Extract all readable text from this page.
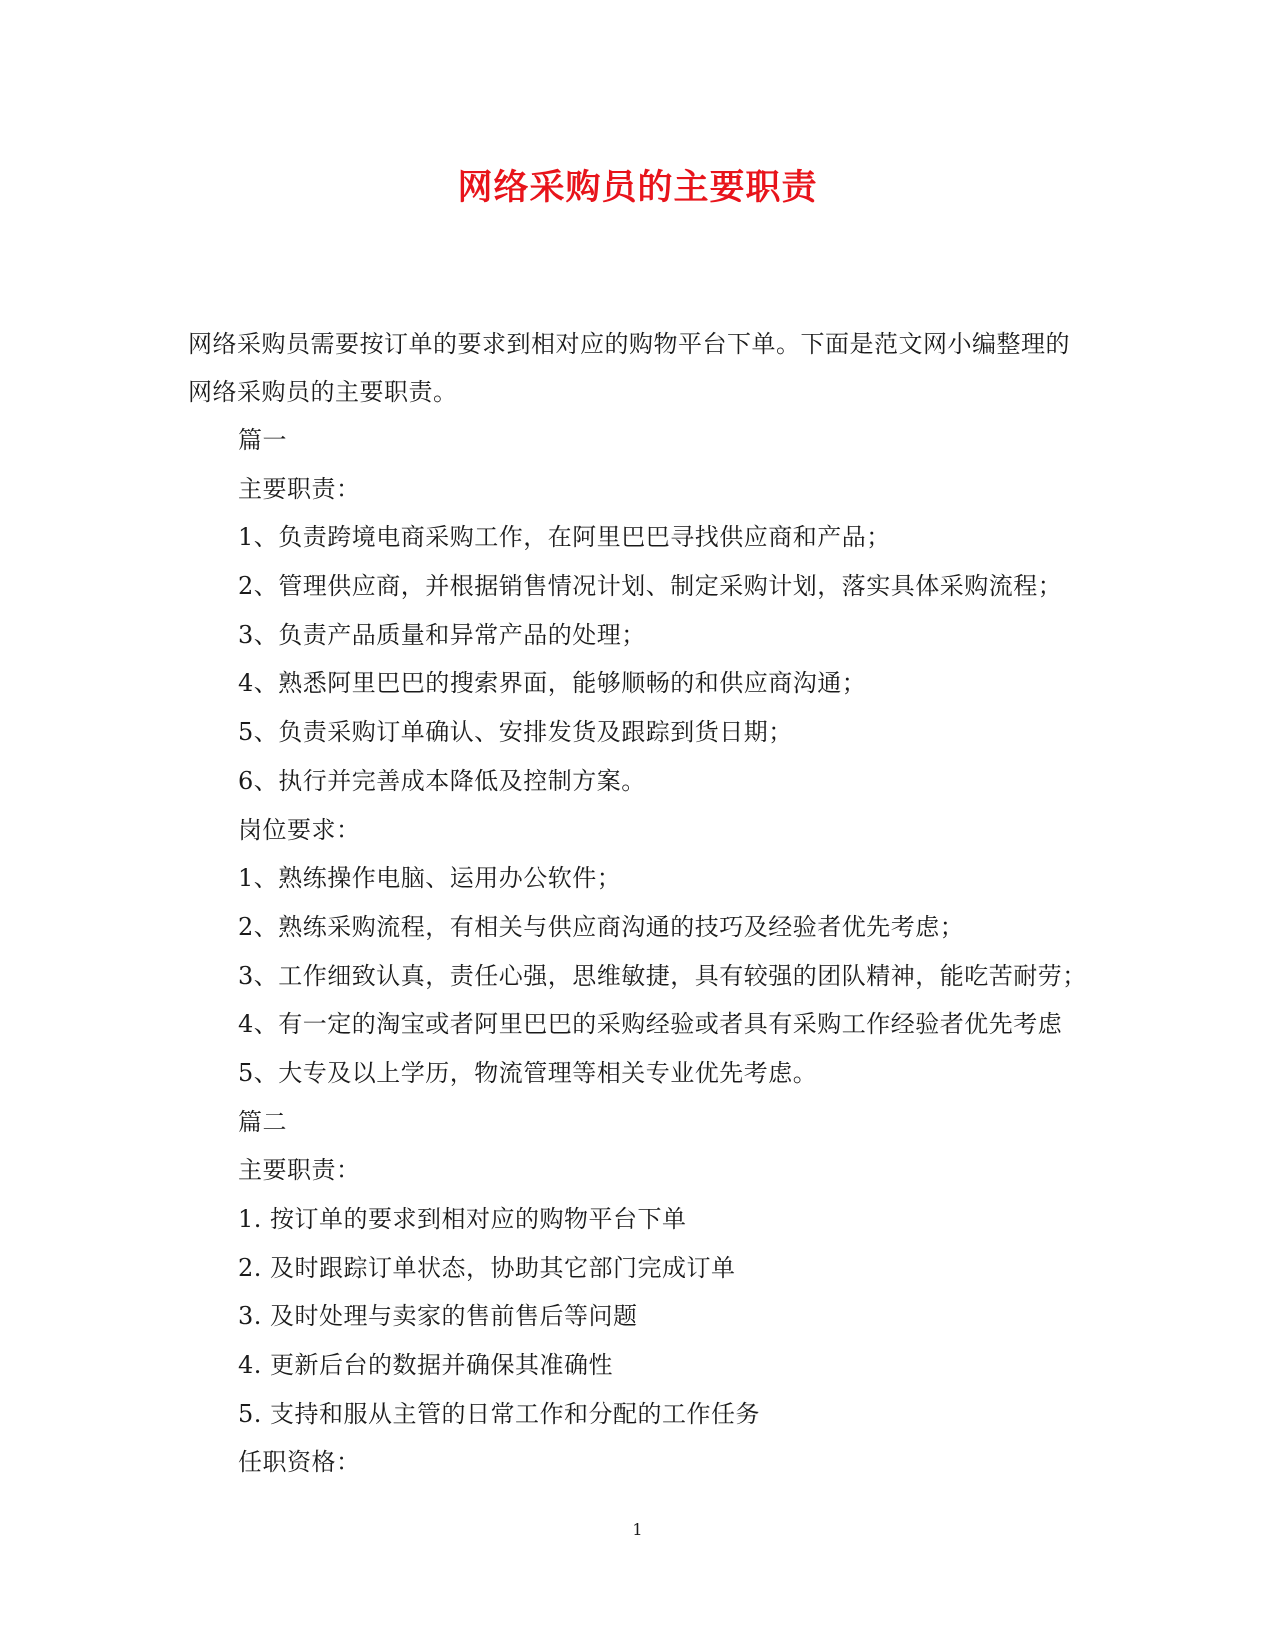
网络采购员的主要职责
网络采购员需要按订单的要求到相对应的购物平台下单。下面是范文网小编整理的网络采购员的主要职责。
篇一
主要职责：
1、负责跨境电商采购工作，在阿里巴巴寻找供应商和产品；
2、管理供应商，并根据销售情况计划、制定采购计划，落实具体采购流程；
3、负责产品质量和异常产品的处理；
4、熟悉阿里巴巴的搜索界面，能够顺畅的和供应商沟通；
5、负责采购订单确认、安排发货及跟踪到货日期；
6、执行并完善成本降低及控制方案。
岗位要求：
1、熟练操作电脑、运用办公软件；
2、熟练采购流程，有相关与供应商沟通的技巧及经验者优先考虑；
3、工作细致认真，责任心强，思维敏捷，具有较强的团队精神，能吃苦耐劳；
4、有一定的淘宝或者阿里巴巴的采购经验或者具有采购工作经验者优先考虑
5、大专及以上学历，物流管理等相关专业优先考虑。
篇二
主要职责：
1. 按订单的要求到相对应的购物平台下单
2. 及时跟踪订单状态，协助其它部门完成订单
3. 及时处理与卖家的售前售后等问题
4. 更新后台的数据并确保其准确性
5. 支持和服从主管的日常工作和分配的工作任务
任职资格：
1
